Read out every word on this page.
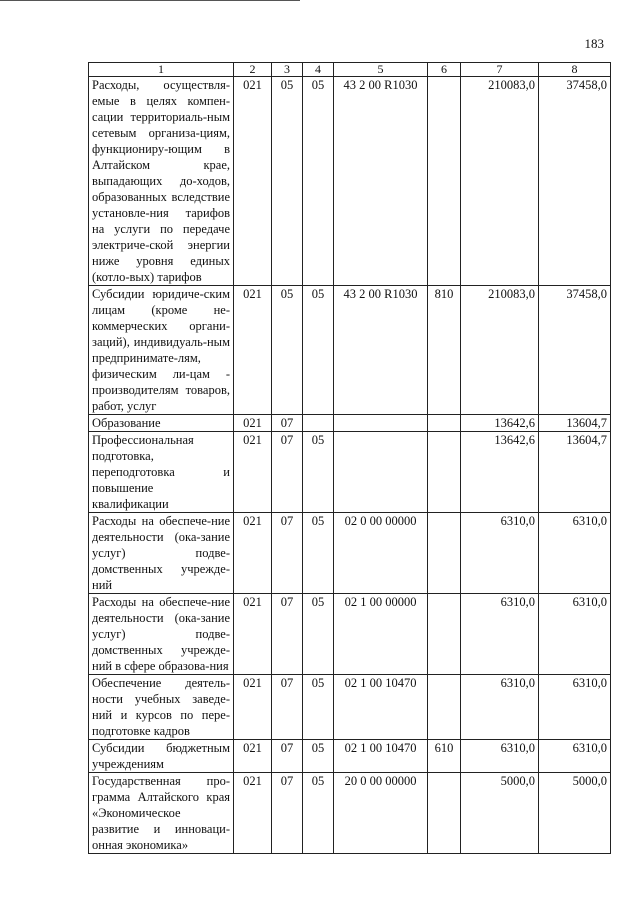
183
1	2	3	4	5	6	7	8
Расходы, осуществля-емые в целях компен-сации территориаль-ным сетевым организа-циям, функциониру-ющим в Алтайском крае, выпадающих до-ходов, образованных вследствие установле-ния тарифов на услуги по передаче электриче-ской энергии ниже уровня единых (котло-вых) тарифов	021	05	05	43 2 00 R1030		210083,0	37458,0
Субсидии юридиче-ским лицам (кроме не-коммерческих органи-заций), индивидуаль-ным предпринимате-лям, физическим ли-цам - производителям товаров, работ, услуг	021	05	05	43 2 00 R1030	810	210083,0	37458,0
Образование	021	07				13642,6	13604,7
Профессиональная подготовка, переподготовка и повышение квалификации	021	07	05			13642,6	13604,7
Расходы на обеспече-ние деятельности (ока-зание услуг) подве-домственных учрежде-ний	021	07	05	02 0 00 00000		6310,0	6310,0
Расходы на обеспече-ние деятельности (ока-зание услуг) подве-домственных учрежде-ний в сфере образова-ния	021	07	05	02 1 00 00000		6310,0	6310,0
Обеспечение деятель-ности учебных заведе-ний и курсов по пере-подготовке кадров	021	07	05	02 1 00 10470		6310,0	6310,0
Субсидии бюджетным учреждениям	021	07	05	02 1 00 10470	610	6310,0	6310,0
Государственная про-грамма Алтайского края «Экономическое развитие и инноваци-онная экономика»	021	07	05	20 0 00 00000		5000,0	5000,0
